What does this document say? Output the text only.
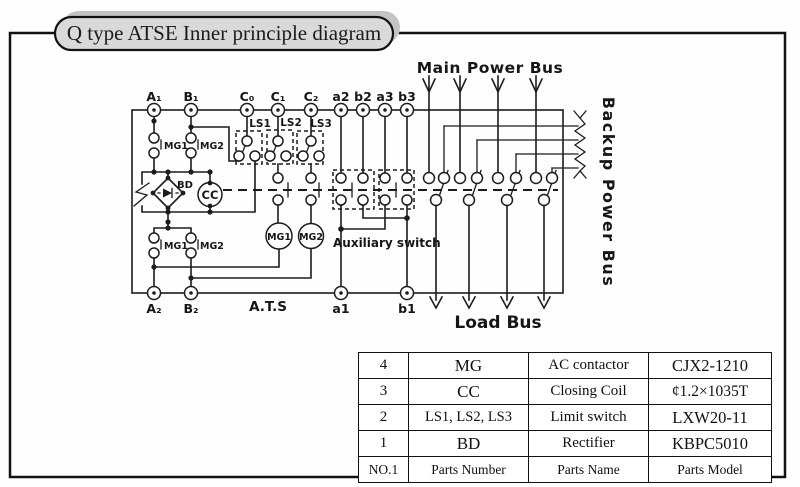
Q type ATSE Inner principle diagram
A₁ B₁	C₀ C₁ C₂ a2 b2 a3 b3
A₂ B₂	a1	b1
A.T.S
Auxiliary switch
MG1 MG2
MG1 MG2
BD
CC
LS1 LS2 LS3
MG1 MG2
Main Power Bus
Backup Power Bus
Load Bus
4	MG	AC contactor	CJX2-1210
3	CC	Closing Coil	¢1.2×1035T
2	LS1, LS2, LS3	Limit switch	LXW20-11
1	BD	Rectifier	KBPC5010
NO.1	Parts Number	Parts Name	Parts Model
